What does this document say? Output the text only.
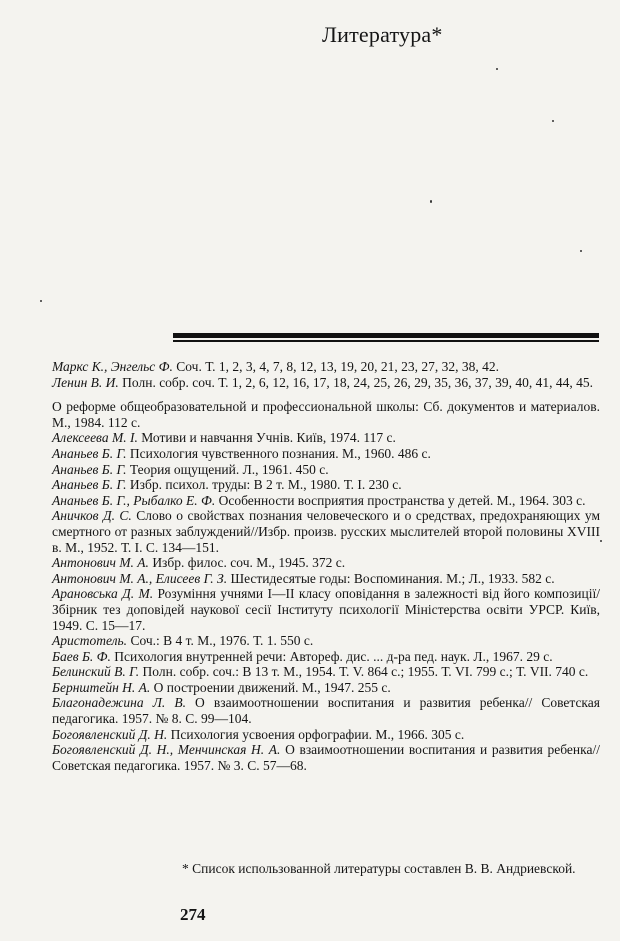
Литература*

Маркс К., Энгельс Ф. Соч. Т. 1, 2, 3, 4, 7, 8, 12, 13, 19, 20, 21, 23, 27, 32, 38, 42.

Ленин В. И. Полн. собр. соч. Т. 1, 2, 6, 12, 16, 17, 18, 24, 25, 26, 29, 35, 36, 37, 39, 40, 41, 44, 45.

О реформе общеобразовательной и профессиональной школы: Сб. документов и материалов. М., 1984. 112 с.

Алексеева М. І. Мотиви и навчання Учнів. Київ, 1974. 117 с.

Ананьев Б. Г. Психология чувственного познания. М., 1960. 486 с.

Ананьев Б. Г. Теория ощущений. Л., 1961. 450 с.

Ананьев Б. Г. Избр. психол. труды: В 2 т. М., 1980. Т. І. 230 с.

Ананьев Б. Г., Рыбалко Е. Ф. Особенности восприятия пространства у детей. М., 1964. 303 с.

Аничков Д. С. Слово о свойствах познания человеческого и о средствах, предохраняющих ум смертного от разных заблуждений//Избр. произв. русских мыслителей второй половины XVIII в. М., 1952. Т. І. С. 134—151.

Антонович М. А. Избр. филос. соч. М., 1945. 372 с.

Антонович М. А., Елисеев Г. З. Шестидесятые годы: Воспоминания. М.; Л., 1933. 582 с.

Арановська Д. М. Розуміння учнями І—ІІ класу оповідання в залежності від його композиції/Збірник тез доповідей наукової сесії Інституту психології Міністерства освіти УРСР. Київ, 1949. С. 15—17.

Аристотель. Соч.: В 4 т. М., 1976. Т. 1. 550 с.

Баев Б. Ф. Психология внутренней речи: Автореф. дис. ... д-ра пед. наук. Л., 1967. 29 с.

Белинский В. Г. Полн. собр. соч.: В 13 т. М., 1954. Т. V. 864 с.; 1955. Т. VI. 799 с.; Т. VII. 740 с.

Бернштейн Н. А. О построении движений. М., 1947. 255 с.

Благонадежина Л. В. О взаимоотношении воспитания и развития ребенка// Советская педагогика. 1957. № 8. С. 99—104.

Богоявленский Д. Н. Психология усвоения орфографии. М., 1966. 305 с.

Богоявленский Д. Н., Менчинская Н. А. О взаимоотношении воспитания и развития ребенка//Советская педагогика. 1957. № 3. С. 57—68.

* Список использованной литературы составлен В. В. Андриевской.
274
